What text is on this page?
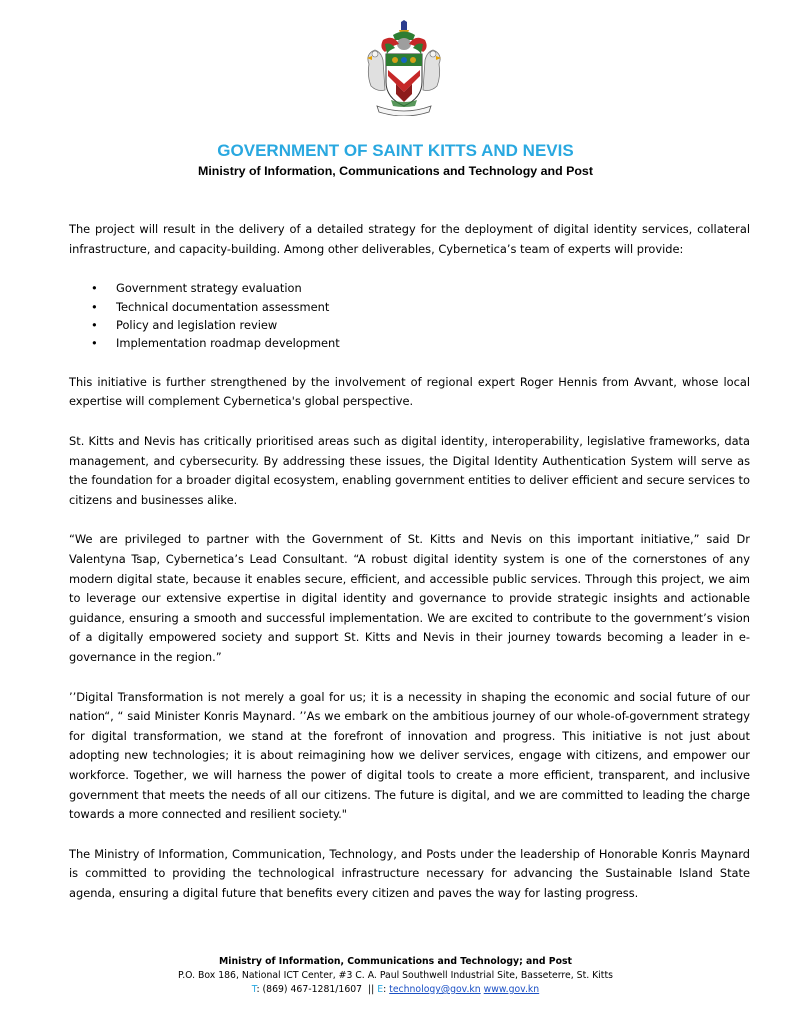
GOVERNMENT OF SAINT KITTS AND NEVIS
Ministry of Information, Communications and Technology and Post

The project will result in the delivery of a detailed strategy for the deployment of digital identity services, collateral infrastructure, and capacity-building. Among other deliverables, Cybernetica’s team of experts will provide:

• Government strategy evaluation
• Technical documentation assessment
• Policy and legislation review
• Implementation roadmap development

This initiative is further strengthened by the involvement of regional expert Roger Hennis from Avvant, whose local expertise will complement Cybernetica's global perspective.

St. Kitts and Nevis has critically prioritised areas such as digital identity, interoperability, legislative frameworks, data management, and cybersecurity. By addressing these issues, the Digital Identity Authentication System will serve as the foundation for a broader digital ecosystem, enabling government entities to deliver efficient and secure services to citizens and businesses alike.

“We are privileged to partner with the Government of St. Kitts and Nevis on this important initiative,” said Dr Valentyna Tsap, Cybernetica’s Lead Consultant. “A robust digital identity system is one of the cornerstones of any modern digital state, because it enables secure, efficient, and accessible public services. Through this project, we aim to leverage our extensive expertise in digital identity and governance to provide strategic insights and actionable guidance, ensuring a smooth and successful implementation. We are excited to contribute to the government’s vision of a digitally empowered society and support St. Kitts and Nevis in their journey towards becoming a leader in e-governance in the region.”

’’Digital Transformation is not merely a goal for us; it is a necessity in shaping the economic and social future of our nation“, “ said Minister Konris Maynard. ’’As we embark on the ambitious journey of our whole-of-government strategy for digital transformation, we stand at the forefront of innovation and progress. This initiative is not just about adopting new technologies; it is about reimagining how we deliver services, engage with citizens, and empower our workforce. Together, we will harness the power of digital tools to create a more efficient, transparent, and inclusive government that meets the needs of all our citizens. The future is digital, and we are committed to leading the charge towards a more connected and resilient society."

The Ministry of Information, Communication, Technology, and Posts under the leadership of Honorable Konris Maynard is committed to providing the technological infrastructure necessary for advancing the Sustainable Island State agenda, ensuring a digital future that benefits every citizen and paves the way for lasting progress.

Ministry of Information, Communications and Technology; and Post
P.O. Box 186, National ICT Center, #3 C. A. Paul Southwell Industrial Site, Basseterre, St. Kitts
T: (869) 467-1281/1607  || E: technology@gov.kn www.gov.kn
